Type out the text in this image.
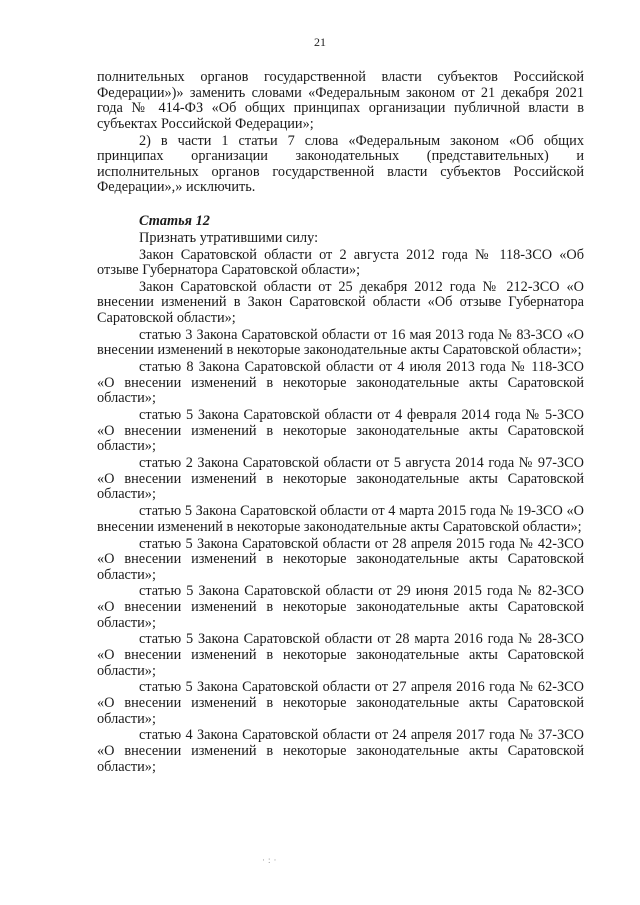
21

полнительных органов государственной власти субъектов Российской Федерации»)» заменить словами «Федеральным законом от 21 декабря 2021 года № 414-ФЗ «Об общих принципах организации публичной власти в субъектах Российской Федерации»;

2) в части 1 статьи 7 слова «Федеральным законом «Об общих принципах организации законодательных (представительных) и исполнительных органов государственной власти субъектов Российской Федерации»,» исключить.

Статья 12

Признать утратившими силу:

Закон Саратовской области от 2 августа 2012 года № 118-ЗСО «Об отзыве Губернатора Саратовской области»;

Закон Саратовской области от 25 декабря 2012 года № 212-ЗСО «О внесении изменений в Закон Саратовской области «Об отзыве Губернатора Саратовской области»;

статью 3 Закона Саратовской области от 16 мая 2013 года № 83-ЗСО «О внесении изменений в некоторые законодательные акты Саратовской области»;

статью 8 Закона Саратовской области от 4 июля 2013 года № 118-ЗСО «О внесении изменений в некоторые законодательные акты Саратовской области»;

статью 5 Закона Саратовской области от 4 февраля 2014 года № 5-ЗСО «О внесении изменений в некоторые законодательные акты Саратовской области»;

статью 2 Закона Саратовской области от 5 августа 2014 года № 97-ЗСО «О внесении изменений в некоторые законодательные акты Саратовской области»;

статью 5 Закона Саратовской области от 4 марта 2015 года № 19-ЗСО «О внесении изменений в некоторые законодательные акты Саратовской области»;

статью 5 Закона Саратовской области от 28 апреля 2015 года № 42-ЗСО «О внесении изменений в некоторые законодательные акты Саратовской области»;

статью 5 Закона Саратовской области от 29 июня 2015 года № 82-ЗСО «О внесении изменений в некоторые законодательные акты Саратовской области»;

статью 5 Закона Саратовской области от 28 марта 2016 года № 28-ЗСО «О внесении изменений в некоторые законодательные акты Саратовской области»;

статью 5 Закона Саратовской области от 27 апреля 2016 года № 62-ЗСО «О внесении изменений в некоторые законодательные акты Саратовской области»;

статью 4 Закона Саратовской области от 24 апреля 2017 года № 37-ЗСО «О внесении изменений в некоторые законодательные акты Саратовской области»;

·:·
